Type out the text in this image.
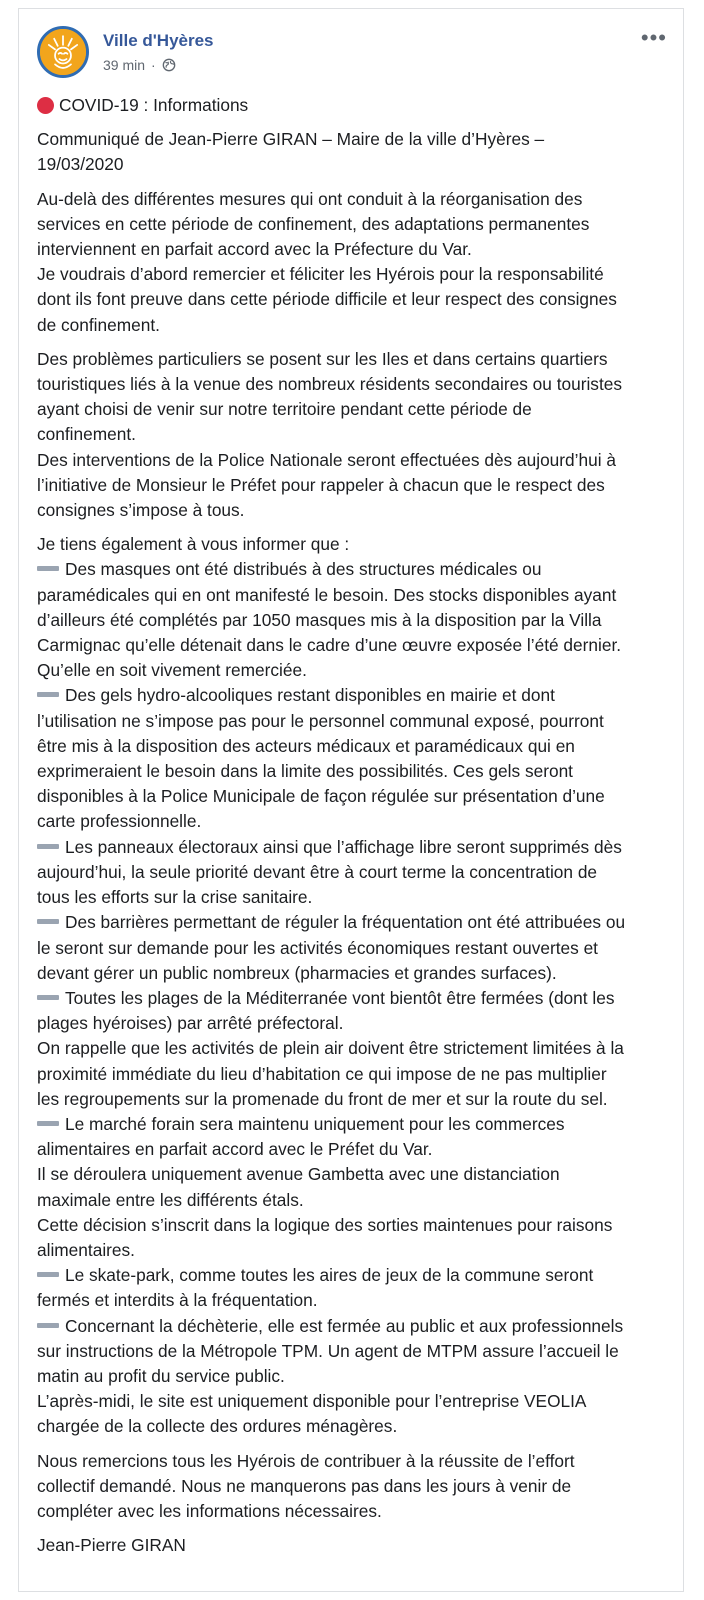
Ville d'Hyères
39 min ·
•••

COVID-19 : Informations

Communiqué de Jean-Pierre GIRAN – Maire de la ville d’Hyères –
19/03/2020

Au-delà des différentes mesures qui ont conduit à la réorganisation des
services en cette période de confinement, des adaptations permanentes
interviennent en parfait accord avec la Préfecture du Var.
Je voudrais d’abord remercier et féliciter les Hyérois pour la responsabilité
dont ils font preuve dans cette période difficile et leur respect des consignes
de confinement.

Des problèmes particuliers se posent sur les Iles et dans certains quartiers
touristiques liés à la venue des nombreux résidents secondaires ou touristes
ayant choisi de venir sur notre territoire pendant cette période de
confinement.
Des interventions de la Police Nationale seront effectuées dès aujourd’hui à
l’initiative de Monsieur le Préfet pour rappeler à chacun que le respect des
consignes s’impose à tous.

Je tiens également à vous informer que :
Des masques ont été distribués à des structures médicales ou
paramédicales qui en ont manifesté le besoin. Des stocks disponibles ayant
d’ailleurs été complétés par 1050 masques mis à la disposition par la Villa
Carmignac qu’elle détenait dans le cadre d’une œuvre exposée l’été dernier.
Qu’elle en soit vivement remerciée.
Des gels hydro-alcooliques restant disponibles en mairie et dont
l’utilisation ne s’impose pas pour le personnel communal exposé, pourront
être mis à la disposition des acteurs médicaux et paramédicaux qui en
exprimeraient le besoin dans la limite des possibilités. Ces gels seront
disponibles à la Police Municipale de façon régulée sur présentation d’une
carte professionnelle.
Les panneaux électoraux ainsi que l’affichage libre seront supprimés dès
aujourd’hui, la seule priorité devant être à court terme la concentration de
tous les efforts sur la crise sanitaire.
Des barrières permettant de réguler la fréquentation ont été attribuées ou
le seront sur demande pour les activités économiques restant ouvertes et
devant gérer un public nombreux (pharmacies et grandes surfaces).
Toutes les plages de la Méditerranée vont bientôt être fermées (dont les
plages hyéroises) par arrêté préfectoral.
On rappelle que les activités de plein air doivent être strictement limitées à la
proximité immédiate du lieu d’habitation ce qui impose de ne pas multiplier
les regroupements sur la promenade du front de mer et sur la route du sel.
Le marché forain sera maintenu uniquement pour les commerces
alimentaires en parfait accord avec le Préfet du Var.
Il se déroulera uniquement avenue Gambetta avec une distanciation
maximale entre les différents étals.
Cette décision s’inscrit dans la logique des sorties maintenues pour raisons
alimentaires.
Le skate-park, comme toutes les aires de jeux de la commune seront
fermés et interdits à la fréquentation.
Concernant la déchèterie, elle est fermée au public et aux professionnels
sur instructions de la Métropole TPM. Un agent de MTPM assure l’accueil le
matin au profit du service public.
L’après-midi, le site est uniquement disponible pour l’entreprise VEOLIA
chargée de la collecte des ordures ménagères.

Nous remercions tous les Hyérois de contribuer à la réussite de l’effort
collectif demandé. Nous ne manquerons pas dans les jours à venir de
compléter avec les informations nécessaires.

Jean-Pierre GIRAN
